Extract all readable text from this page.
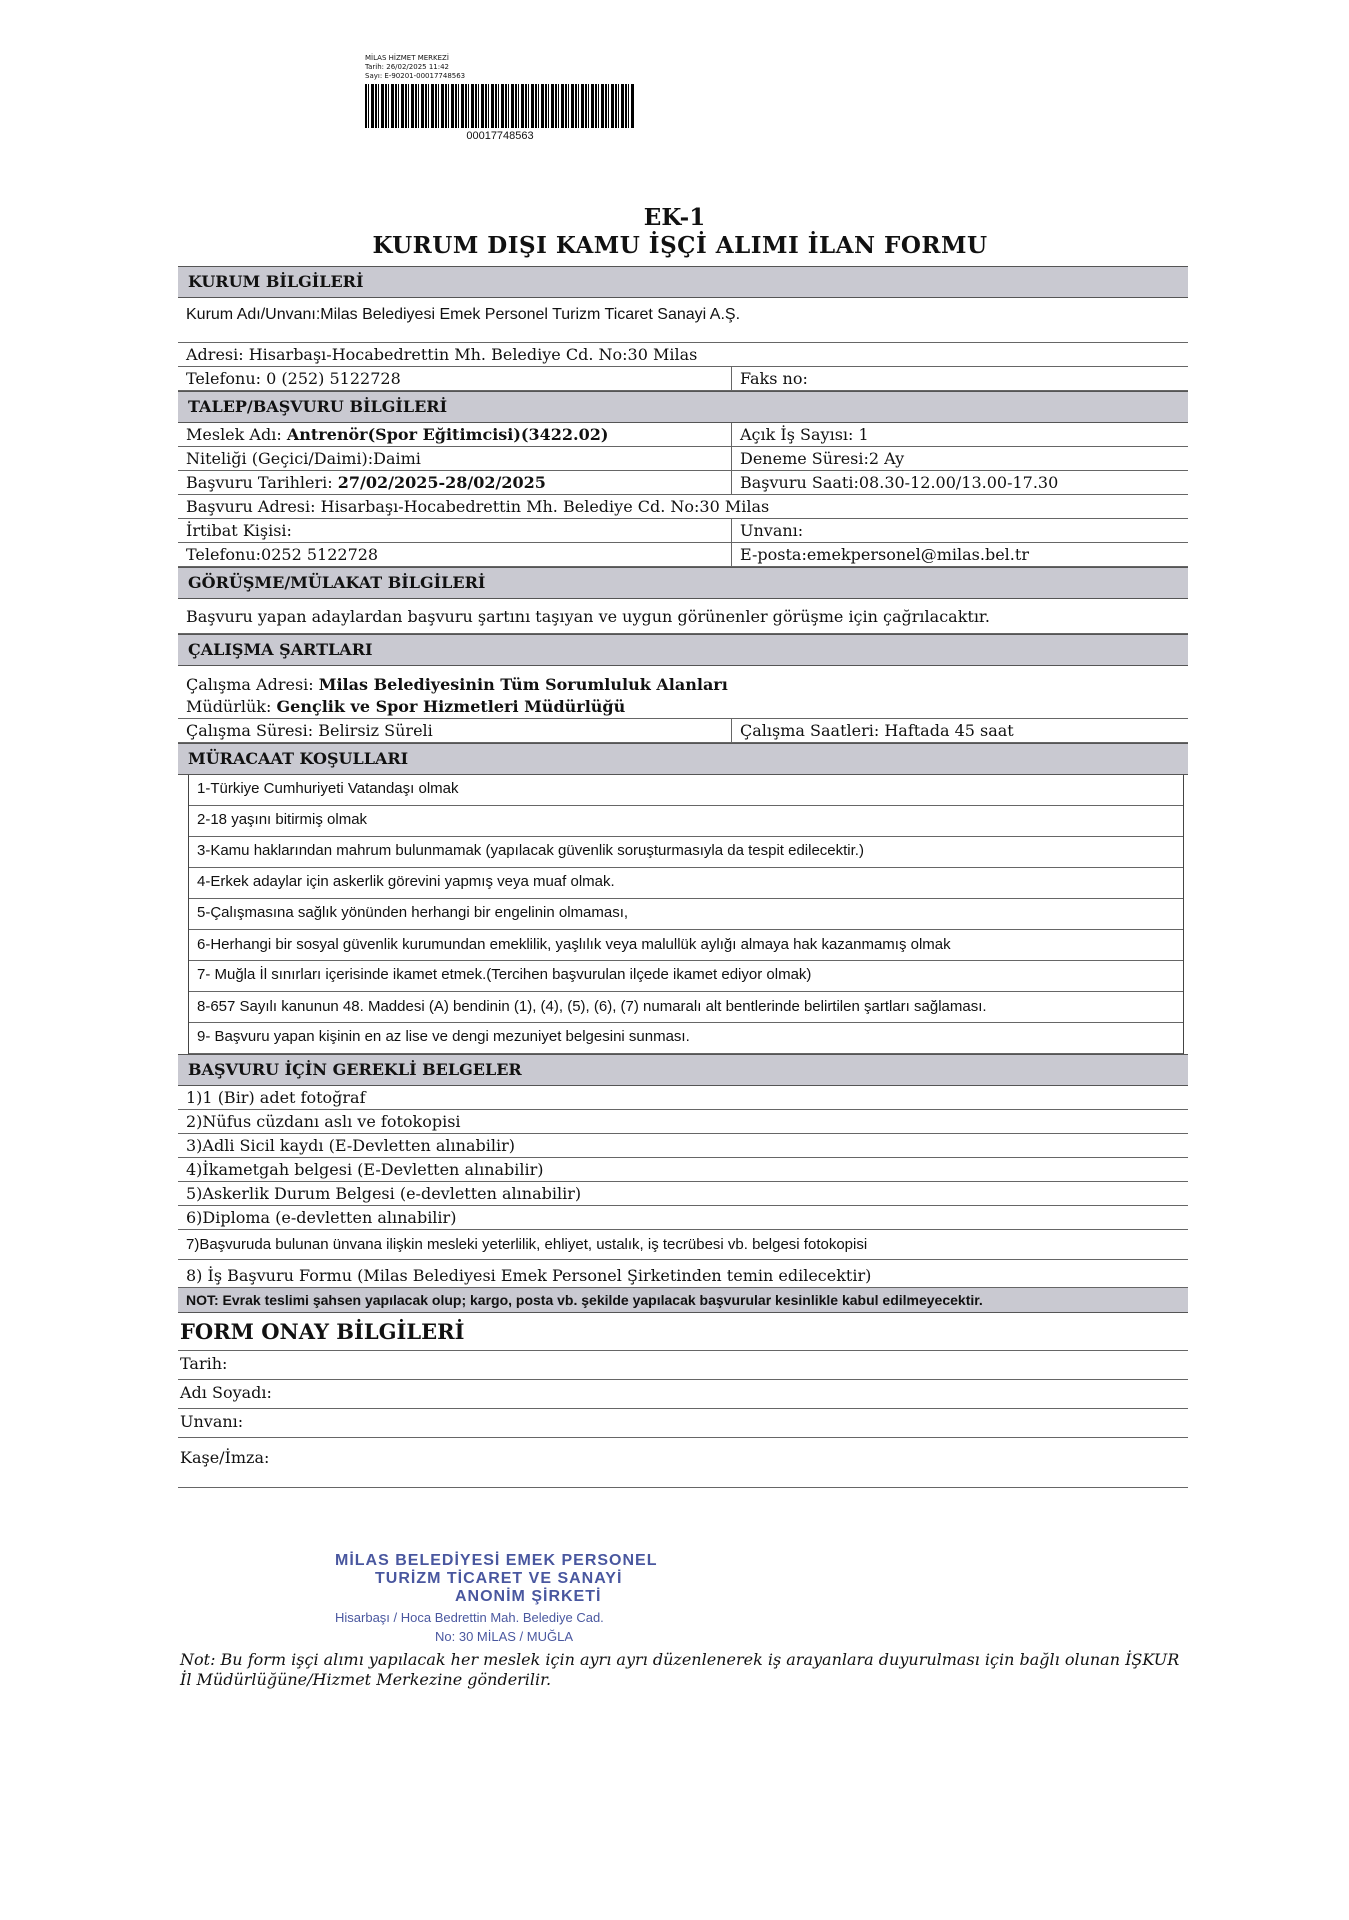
MİLAS HİZMET MERKEZİ
Tarih: 26/02/2025 11:42
Sayı: E-90201-00017748563
00017748563
EK-1
KURUM DIŞI KAMU İŞÇİ ALIMI İLAN FORMU
KURUM BİLGİLERİ
Kurum Adı/Unvanı:Milas Belediyesi Emek Personel Turizm Ticaret Sanayi A.Ş.
Adresi: Hisarbaşı-Hocabedrettin Mh. Belediye Cd. No:30 Milas
Telefonu: 0 (252) 5122728	Faks no:
TALEP/BAŞVURU BİLGİLERİ
Meslek Adı: Antrenör(Spor Eğitimcisi)(3422.02)	Açık İş Sayısı: 1
Niteliği (Geçici/Daimi):Daimi	Deneme Süresi:2 Ay
Başvuru Tarihleri: 27/02/2025-28/02/2025	Başvuru Saati:08.30-12.00/13.00-17.30
Başvuru Adresi: Hisarbaşı-Hocabedrettin Mh. Belediye Cd. No:30 Milas
İrtibat Kişisi:	Unvanı:
Telefonu:0252 5122728	E-posta:emekpersonel@milas.bel.tr
GÖRÜŞME/MÜLAKAT BİLGİLERİ
Başvuru yapan adaylardan başvuru şartını taşıyan ve uygun görünenler görüşme için çağrılacaktır.
ÇALIŞMA ŞARTLARI
Çalışma Adresi: Milas Belediyesinin Tüm Sorumluluk Alanları
Müdürlük: Gençlik ve Spor Hizmetleri Müdürlüğü
Çalışma Süresi: Belirsiz Süreli	Çalışma Saatleri: Haftada 45 saat
MÜRACAAT KOŞULLARI
1-Türkiye Cumhuriyeti Vatandaşı olmak
2-18 yaşını bitirmiş olmak
3-Kamu haklarından mahrum bulunmamak (yapılacak güvenlik soruşturmasıyla da tespit edilecektir.)
4-Erkek adaylar için askerlik görevini yapmış veya muaf olmak.
5-Çalışmasına sağlık yönünden herhangi bir engelinin olmaması,
6-Herhangi bir sosyal güvenlik kurumundan emeklilik, yaşlılık veya malullük aylığı almaya hak kazanmamış olmak
7- Muğla İl sınırları içerisinde ikamet etmek.(Tercihen başvurulan ilçede ikamet ediyor olmak)
8-657 Sayılı kanunun 48. Maddesi (A) bendinin (1), (4), (5), (6), (7) numaralı alt bentlerinde belirtilen şartları sağlaması.
9- Başvuru yapan kişinin en az lise ve dengi mezuniyet belgesini sunması.
BAŞVURU İÇİN GEREKLİ BELGELER
1)1 (Bir) adet fotoğraf
2)Nüfus cüzdanı aslı ve fotokopisi
3)Adli Sicil kaydı (E-Devletten alınabilir)
4)İkametgah belgesi (E-Devletten alınabilir)
5)Askerlik Durum Belgesi (e-devletten alınabilir)
6)Diploma (e-devletten alınabilir)
7)Başvuruda bulunan ünvana ilişkin mesleki yeterlilik, ehliyet, ustalık, iş tecrübesi vb. belgesi fotokopisi
8) İş Başvuru Formu (Milas Belediyesi Emek Personel Şirketinden temin edilecektir)
NOT: Evrak teslimi şahsen yapılacak olup; kargo, posta vb. şekilde yapılacak başvurular kesinlikle kabul edilmeyecektir.
FORM ONAY BİLGİLERİ
Tarih:
Adı Soyadı:
Unvanı:
Kaşe/İmza:
MİLAS BELEDİYESİ EMEK PERSONEL
TURİZM TİCARET VE SANAYİ
ANONİM ŞİRKETİ
Hisarbaşı / Hoca Bedrettin Mah. Belediye Cad.
No: 30 MİLAS / MUĞLA
Not: Bu form işçi alımı yapılacak her meslek için ayrı ayrı düzenlenerek iş arayanlara duyurulması için bağlı olunan İŞKUR İl Müdürlüğüne/Hizmet Merkezine gönderilir.
